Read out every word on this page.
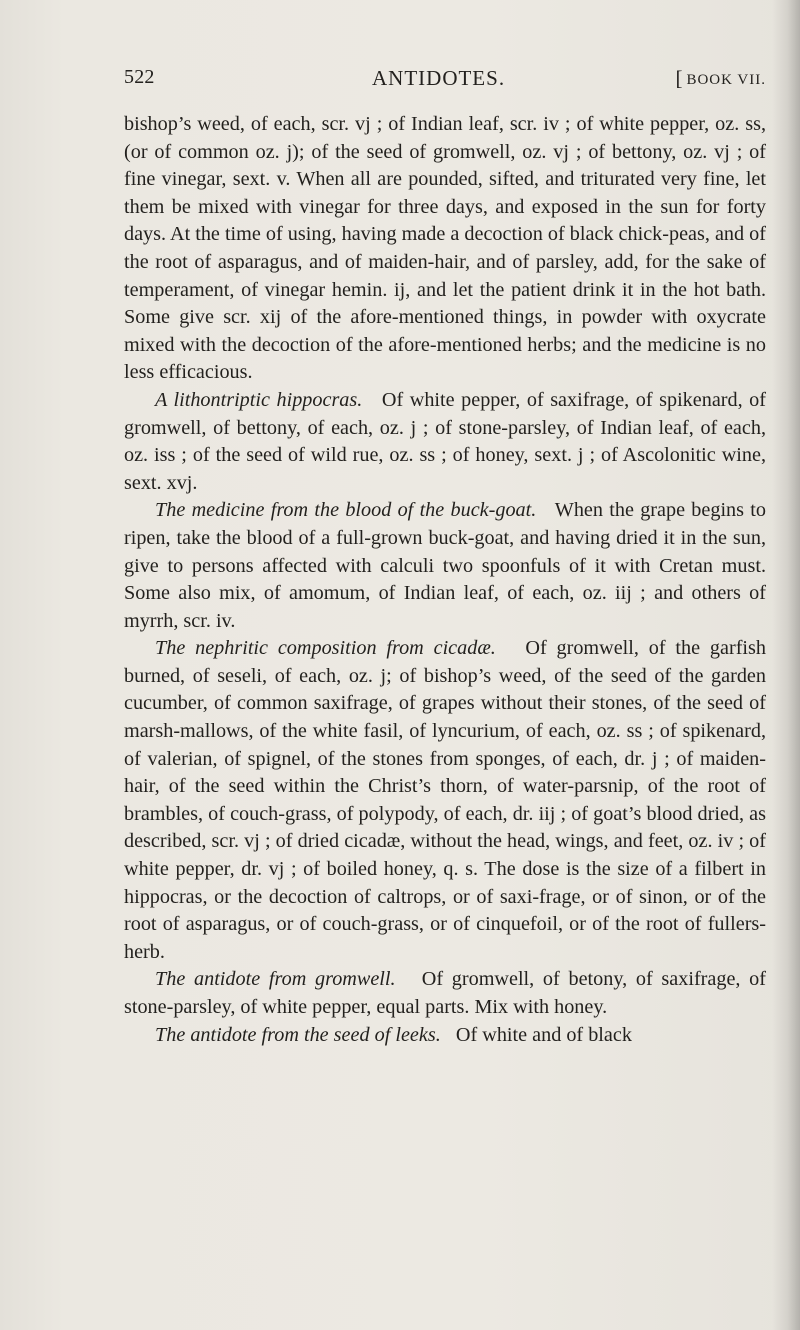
522	ANTIDOTES.	[ BOOK VII.

bishop’s weed, of each, scr. vj ; of Indian leaf, scr. iv ; of white pepper, oz. ss, (or of common oz. j); of the seed of gromwell, oz. vj ; of bettony, oz. vj ; of fine vinegar, sext. v. When all are pounded, sifted, and triturated very fine, let them be mixed with vinegar for three days, and exposed in the sun for forty days. At the time of using, having made a decoction of black chick-peas, and of the root of asparagus, and of maiden-hair, and of parsley, add, for the sake of temperament, of vinegar hemin. ij, and let the patient drink it in the hot bath. Some give scr. xij of the afore-mentioned things, in powder with oxycrate mixed with the decoction of the afore-mentioned herbs; and the medicine is no less efficacious.

A lithontriptic hippocras. Of white pepper, of saxifrage, of spikenard, of gromwell, of bettony, of each, oz. j ; of stone-parsley, of Indian leaf, of each, oz. iss ; of the seed of wild rue, oz. ss ; of honey, sext. j ; of Ascolonitic wine, sext. xvj.

The medicine from the blood of the buck-goat. When the grape begins to ripen, take the blood of a full-grown buck-goat, and having dried it in the sun, give to persons affected with calculi two spoonfuls of it with Cretan must. Some also mix, of amomum, of Indian leaf, of each, oz. iij ; and others of myrrh, scr. iv.

The nephritic composition from cicadæ. Of gromwell, of the garfish burned, of seseli, of each, oz. j; of bishop’s weed, of the seed of the garden cucumber, of common saxifrage, of grapes without their stones, of the seed of marsh-mallows, of the white fasil, of lyncurium, of each, oz. ss ; of spikenard, of valerian, of spignel, of the stones from sponges, of each, dr. j ; of maiden-hair, of the seed within the Christ’s thorn, of water-parsnip, of the root of brambles, of couch-grass, of polypody, of each, dr. iij ; of goat’s blood dried, as described, scr. vj ; of dried cicadæ, without the head, wings, and feet, oz. iv ; of white pepper, dr. vj ; of boiled honey, q. s. The dose is the size of a filbert in hippocras, or the decoction of caltrops, or of saxi-frage, or of sinon, or of the root of asparagus, or of couch-grass, or of cinquefoil, or of the root of fullers-herb.

The antidote from gromwell. Of gromwell, of betony, of saxifrage, of stone-parsley, of white pepper, equal parts. Mix with honey.

The antidote from the seed of leeks. Of white and of black
